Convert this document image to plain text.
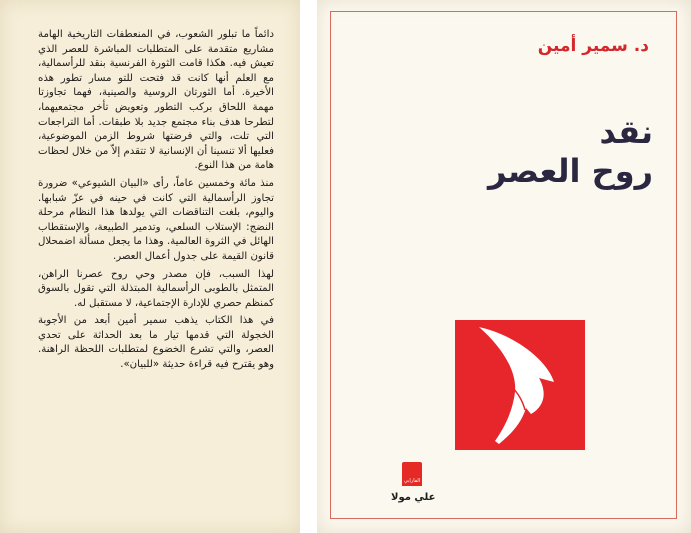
دائماً ما تبلور الشعوب، في المنعطفات التاريخية الهامة مشاريع متقدمة على المتطلبات المباشرة للعصر الذي تعيش فيه. هكذا قامت الثورة الفرنسية بنقد للرأسمالية، مع العلم أنها كانت قد فتحت للتو مسار تطور هذه الأخيرة. أما الثورتان الروسية والصينية، فهما تجاوزتا مهمة اللحاق بركب التطور وتعويض تأخر مجتمعيهما، لتطرحا هدف بناء مجتمع جديد بلا طبقات. أما التراجعات التي تلت، والتي فرضتها شروط الزمن الموضوعية، فعليها ألا تنسينا أن الإنسانية لا تتقدم إلاّ من خلال لحظات هامة من هذا النوع.

منذ مائة وخمسين عاماً، رأى «البيان الشيوعي» ضرورة تجاوز الرأسمالية التي كانت في حينه في عزّ شبابها. واليوم، بلغت التناقضات التي يولدها هذا النظام مرحلة النضج: الإستلاب السلعي، وتدمير الطبيعة، والإستقطاب الهائل في الثروة العالمية. وهذا ما يجعل مسألة اضمحلال قانون القيمة على جدول أعمال العصر.

لهذا السبب، فإن مصدر وحي روح عصرنا الراهن، المتمثل بالطوبى الرأسمالية المبتذلة التي تقول بالسوق كمنظم حصري للإدارة الإجتماعية، لا مستقبل له.

في هذا الكتاب يذهب سمير أمين أبعد من الأجوبة الخجولة التي قدمها تيار ما بعد الحداثة على تحدي العصر، والتي تشرع الخضوع لمتطلبات اللحظة الراهنة. وهو يقترح فيه قراءة حديثة «للبيان».

د. سمير أمين
نقد
روح العصر
الفارابي
علي مولا
